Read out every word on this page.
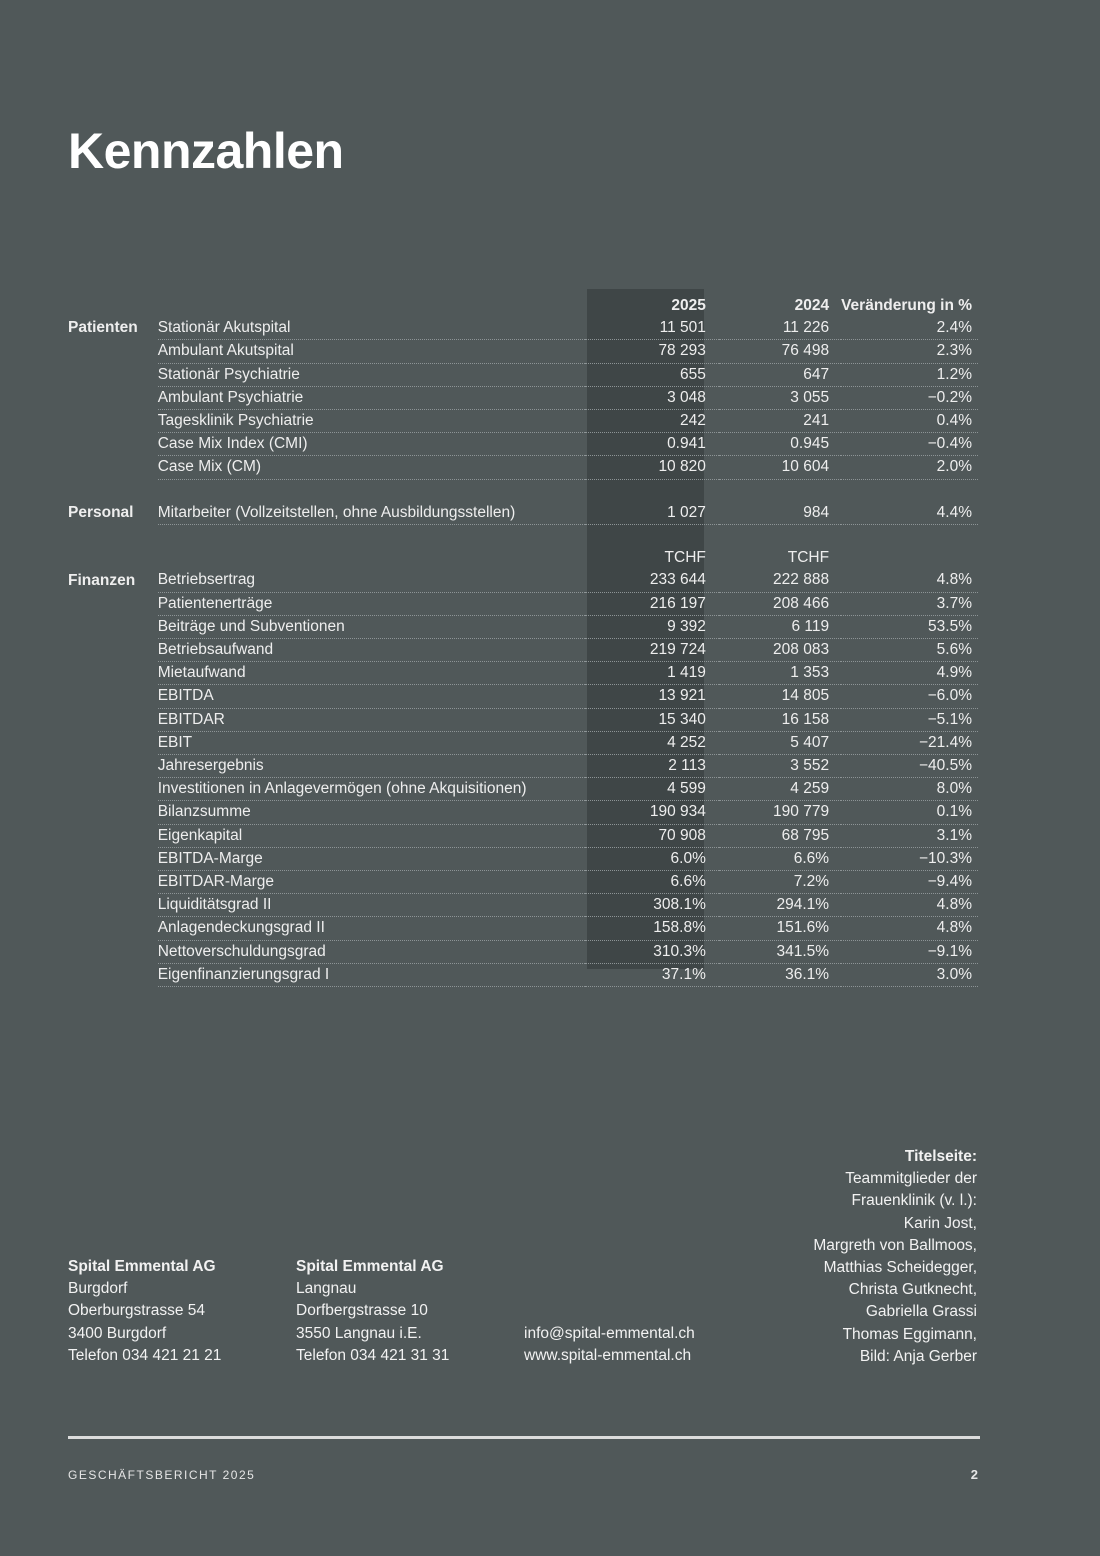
Kennzahlen
		2025	2024	Veränderung in %
Patienten	Stationär Akutspital	11 501	11 226	2.4%
	Ambulant Akutspital	78 293	76 498	2.3%
	Stationär Psychiatrie	655	647	1.2%
	Ambulant Psychiatrie	3 048	3 055	−0.2%
	Tagesklinik Psychiatrie	242	241	0.4%
	Case Mix Index (CMI)	0.941	0.945	−0.4%
	Case Mix (CM)	10 820	10 604	2.0%

Personal	Mitarbeiter (Vollzeitstellen, ohne Ausbildungsstellen)	1 027	984	4.4%

		TCHF	TCHF	
Finanzen	Betriebsertrag	233 644	222 888	4.8%
	Patientenerträge	216 197	208 466	3.7%
	Beiträge und Subventionen	9 392	6 119	53.5%
	Betriebsaufwand	219 724	208 083	5.6%
	Mietaufwand	1 419	1 353	4.9%
	EBITDA	13 921	14 805	−6.0%
	EBITDAR	15 340	16 158	−5.1%
	EBIT	4 252	5 407	−21.4%
	Jahresergebnis	2 113	3 552	−40.5%
	Investitionen in Anlagevermögen (ohne Akquisitionen)	4 599	4 259	8.0%
	Bilanzsumme	190 934	190 779	0.1%
	Eigenkapital	70 908	68 795	3.1%
	EBITDA-Marge	6.0%	6.6%	−10.3%
	EBITDAR-Marge	6.6%	7.2%	−9.4%
	Liquiditätsgrad II	308.1%	294.1%	4.8%
	Anlagendeckungsgrad II	158.8%	151.6%	4.8%
	Nettoverschuldungsgrad	310.3%	341.5%	−9.1%
	Eigenfinanzierungsgrad I	37.1%	36.1%	3.0%
Spital Emmental AG
Burgdorf
Oberburgstrasse 54
3400 Burgdorf
Telefon 034 421 21 21
Spital Emmental AG
Langnau
Dorfbergstrasse 10
3550 Langnau i.E.
Telefon 034 421 31 31
info@spital-emmental.ch
www.spital-emmental.ch
Titelseite:
Teammitglieder der
Frauenklinik (v. l.):
Karin Jost,
Margreth von Ballmoos,
Matthias Scheidegger,
Christa Gutknecht,
Gabriella Grassi
Thomas Eggimann,
Bild: Anja Gerber
GESCHÄFTSBERICHT 2025	2
